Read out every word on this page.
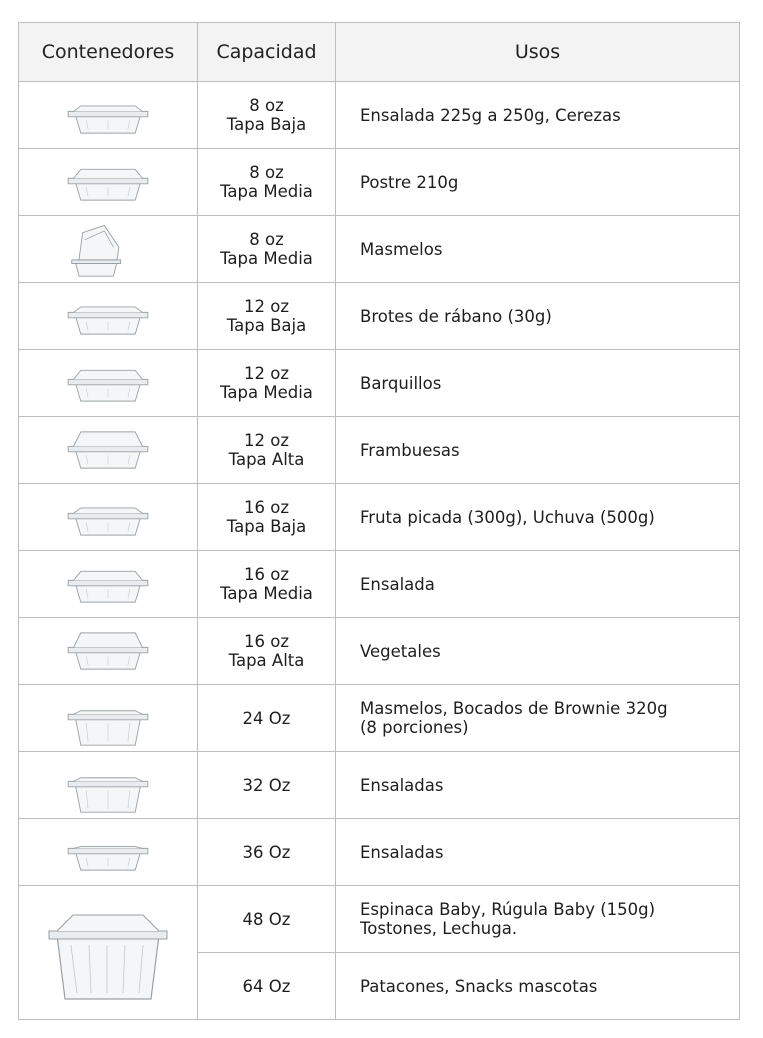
Contenedores	Capacidad	Usos

8 oz
Tapa Baja	Ensalada 225g a 250g, Cerezas

8 oz
Tapa Media	Postre 210g

8 oz
Tapa Media	Masmelos

12 oz
Tapa Baja	Brotes de rábano (30g)

12 oz
Tapa Media	Barquillos

12 oz
Tapa Alta	Frambuesas

16 oz
Tapa Baja	Fruta picada (300g), Uchuva (500g)

16 oz
Tapa Media	Ensalada

16 oz
Tapa Alta	Vegetales

24 Oz	Masmelos, Bocados de Brownie 320g
(8 porciones)

32 Oz	Ensaladas

36 Oz	Ensaladas

48 Oz	Espinaca Baby, Rúgula Baby (150g)
Tostones, Lechuga.

	64 Oz	Patacones, Snacks mascotas
